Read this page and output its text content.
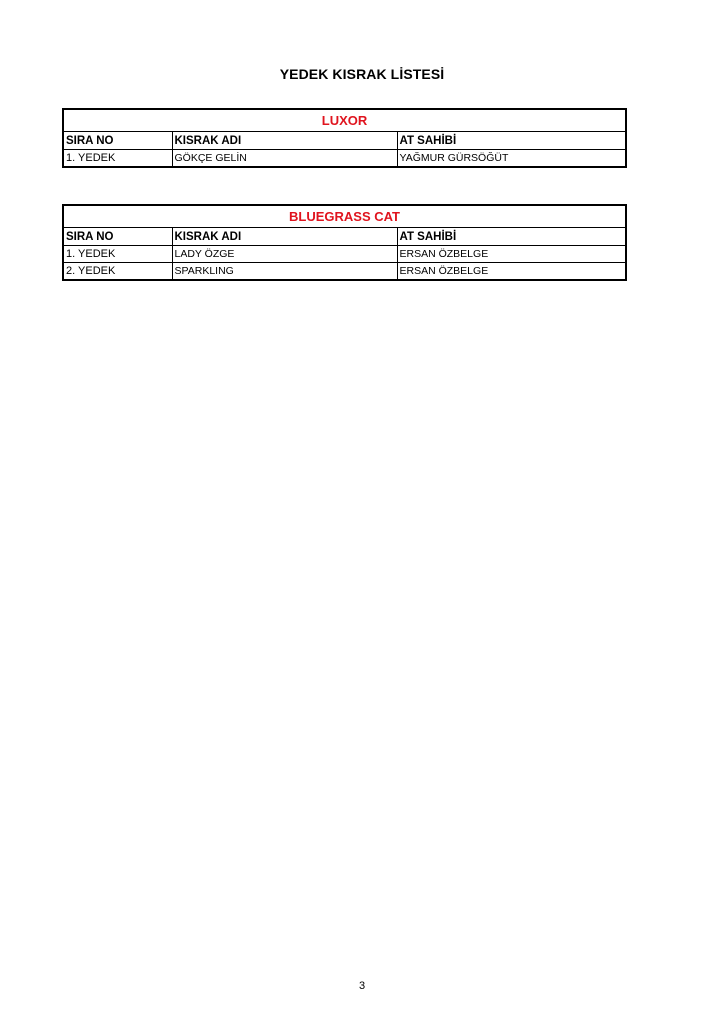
YEDEK KISRAK LİSTESİ
LUXOR		
SIRA NO	KISRAK ADI	AT SAHİBİ
1. YEDEK	GÖKÇE GELİN	YAĞMUR GÜRSÖĞÜT
BLUEGRASS CAT		
SIRA NO	KISRAK ADI	AT SAHİBİ
1. YEDEK	LADY ÖZGE	ERSAN ÖZBELGE
2. YEDEK	SPARKLING	ERSAN ÖZBELGE
3
